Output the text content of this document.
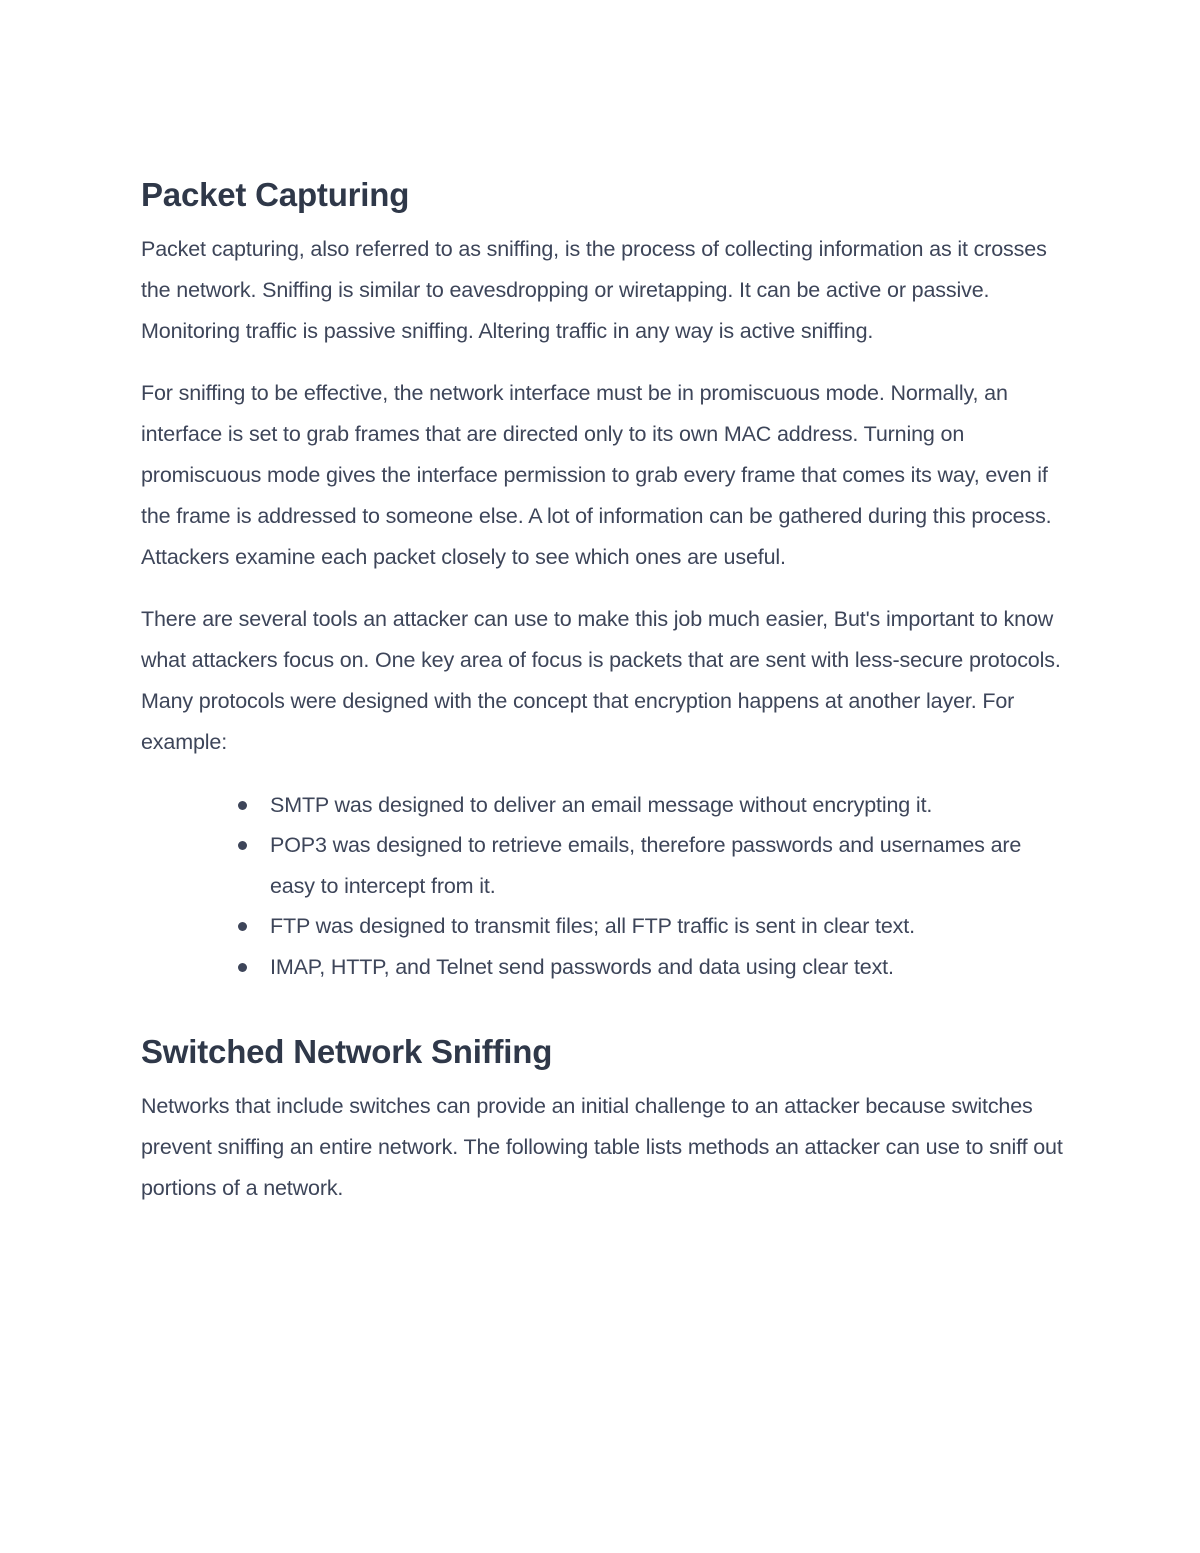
Packet Capturing

Packet capturing, also referred to as sniffing, is the process of collecting information as it crosses the network. Sniffing is similar to eavesdropping or wiretapping. It can be active or passive. Monitoring traffic is passive sniffing. Altering traffic in any way is active sniffing.

For sniffing to be effective, the network interface must be in promiscuous mode. Normally, an interface is set to grab frames that are directed only to its own MAC address. Turning on promiscuous mode gives the interface permission to grab every frame that comes its way, even if the frame is addressed to someone else. A lot of information can be gathered during this process. Attackers examine each packet closely to see which ones are useful.

There are several tools an attacker can use to make this job much easier, But's important to know what attackers focus on. One key area of focus is packets that are sent with less-secure protocols. Many protocols were designed with the concept that encryption happens at another layer. For example:

SMTP was designed to deliver an email message without encrypting it.
POP3 was designed to retrieve emails, therefore passwords and usernames are easy to intercept from it.
FTP was designed to transmit files; all FTP traffic is sent in clear text.
IMAP, HTTP, and Telnet send passwords and data using clear text.
Switched Network Sniffing

Networks that include switches can provide an initial challenge to an attacker because switches prevent sniffing an entire network. The following table lists methods an attacker can use to sniff out portions of a network.
